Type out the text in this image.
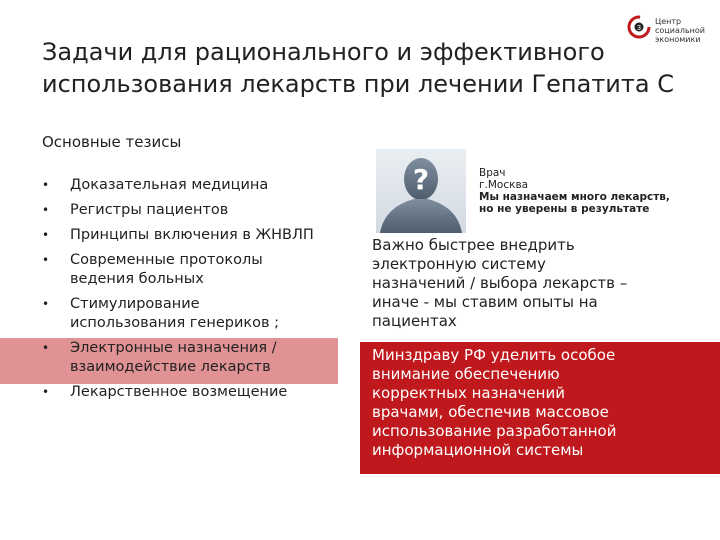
3
Центр
социальной
экономики
Задачи для рационального и эффективного
использования лекарств при лечении Гепатита С
Основные тезисы
• Доказательная медицина
• Регистры пациентов
• Принципы включения в ЖНВЛП
• Современные протоколы
ведения больных
• Стимулирование
использования генериков ;
• Электронные назначения /
взаимодействие лекарств
• Лекарственное возмещение
?	Врач
г.Москва
Мы назначаем много лекарств,
но не уверены в результате
Важно быстрее внедрить
электронную систему
назначений / выбора лекарств –
иначе - мы ставим опыты на
пациентах
Минздраву РФ уделить особое
внимание обеспечению
корректных назначений
врачами, обеспечив массовое
использование разработанной
информационной системы
